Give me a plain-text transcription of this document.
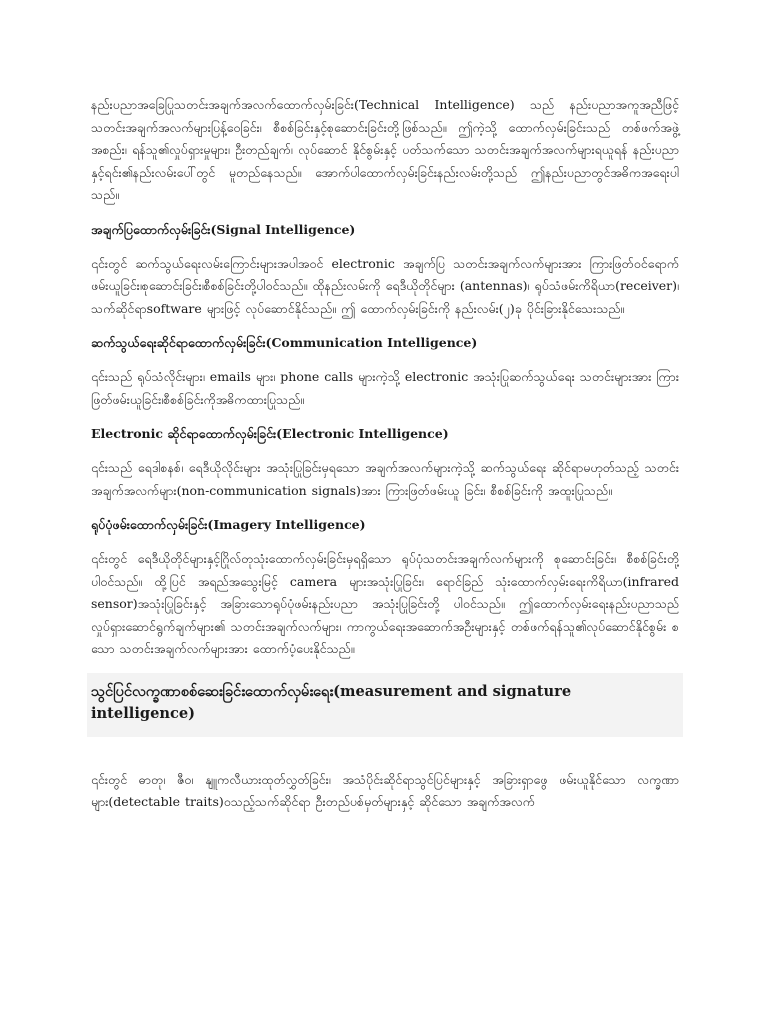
နည်းပညာအခြေပြုသတင်းအချက်အလက်ထောက်လှမ်းခြင်း(Technical Intelligence) သည် နည်းပညာအကူအညီဖြင့် သတင်းအချက်အလက်များပြန့်ဝေခြင်း၊ စီစစ်ခြင်းနှင့်စုဆောင်းခြင်းတို့ဖြစ်သည်။ ဤကဲ့သို့ ထောက်လှမ်းခြင်းသည် တစ်ဖက်အဖွဲ့အစည်း၊ ရန်သူ၏လှုပ်ရှားမှုများ၊ ဦးတည်ချက်၊ လုပ်ဆောင် နိုင်စွမ်းနှင့် ပတ်သက်သော သတင်းအချက်အလက်များရယူရန် နည်းပညာနှင့်ရင်း၏နည်းလမ်းပေါ်တွင် မူတည်နေသည်။ အောက်ပါထောက်လှမ်းခြင်းနည်းလမ်းတို့သည် ဤနည်းပညာတွင်အဓိကအရေးပါ သည်။

အချက်ပြထောက်လှမ်းခြင်း(Signal Intelligence)

၎င်းတွင် ဆက်သွယ်ရေးလမ်းကြောင်းများအပါအဝင် electronic အချက်ပြ သတင်းအချက်လက်များအား ကြားဖြတ်ဝင်ရောက်ဖမ်းယူခြင်း၊စုဆောင်းခြင်း၊စီစစ်ခြင်းတို့ပါဝင်သည်။ ထိုနည်းလမ်းကို ရေဒီယိုတိုင်များ (antennas)၊ ရုပ်သံဖမ်းကိရိယာ(receiver)၊ သက်ဆိုင်ရာsoftware များဖြင့် လုပ်ဆောင်နိုင်သည်။ ဤ ထောက်လှမ်းခြင်းကို နည်းလမ်း(၂)ခု ပိုင်းခြားနိုင်သေးသည်။

ဆက်သွယ်ရေးဆိုင်ရာထောက်လှမ်းခြင်း(Communication Intelligence)

၎င်းသည် ရုပ်သံလိုင်းများ၊ emails များ၊ phone calls များကဲ့သို့ electronic အသုံးပြုဆက်သွယ်ရေး သတင်းများအား ကြားဖြတ်ဖမ်းယူခြင်း၊စီစစ်ခြင်းကိုအဓိကထားပြုသည်။

Electronic ဆိုင်ရာထောက်လှမ်းခြင်း(Electronic Intelligence)

၎င်းသည် ရေဒါစနစ်၊ ရေဒီယိုလိုင်းများ အသုံးပြုခြင်းမှရသော အချက်အလက်များကဲ့သို့ ဆက်သွယ်ရေး ဆိုင်ရာမဟုတ်သည့် သတင်းအချက်အလက်များ(non-communication signals)အား ကြားဖြတ်ဖမ်းယူ ခြင်း၊ စီစစ်ခြင်းကို အထူးပြုသည်။

ရုပ်ပုံဖမ်းထောက်လှမ်းခြင်း(Imagery Intelligence)

၎င်းတွင် ရေဒီယိုတိုင်များနှင့်ဂြိုလ်တုသုံးထောက်လှမ်းခြင်းမှရရှိသော ရုပ်ပုံသတင်းအချက်လက်များကို စုဆောင်းခြင်း၊ စီစစ်ခြင်းတို့ပါဝင်သည်။ ထို့ပြင် အရည်အသွေးမြင့် camera များအသုံးပြုခြင်း၊ ရောင်ခြည် သုံးထောက်လှမ်းရေးကိရိယာ(infrared sensor)အသုံးပြုခြင်းနှင့် အခြားသောရုပ်ပုံဖမ်းနည်းပညာ အသုံးပြုခြင်းတို့ ပါဝင်သည်။ ဤထောက်လှမ်းရေးနည်းပညာသည် လှုပ်ရှားဆောင်ရွက်ချက်များ၏ သတင်းအချက်လက်များ၊ ကာကွယ်ရေးအဆောက်အဦးများနှင့် တစ်ဖက်ရန်သူ၏လုပ်ဆောင်နိုင်စွမ်း စသော သတင်းအချက်လက်များအား ထောက်ပံ့ပေးနိုင်သည်။

သွင်ပြင်လက္ခဏာစစ်ဆေးခြင်းထောက်လှမ်းရေး(measurement and signature intelligence)

၎င်းတွင် ဓာတု၊ ဇီဝ၊ နျူကလီယားထုတ်လွှတ်ခြင်း၊ အသံပိုင်းဆိုင်ရာသွင်ပြင်များနှင့် အခြားရှာဖွေ ဖမ်းယူနိုင်သော လက္ခဏာများ(detectable traits)ဝသည့်သက်ဆိုင်ရာ ဦးတည်ပစ်မှတ်များနှင့် ဆိုင်သော အချက်အလက်
